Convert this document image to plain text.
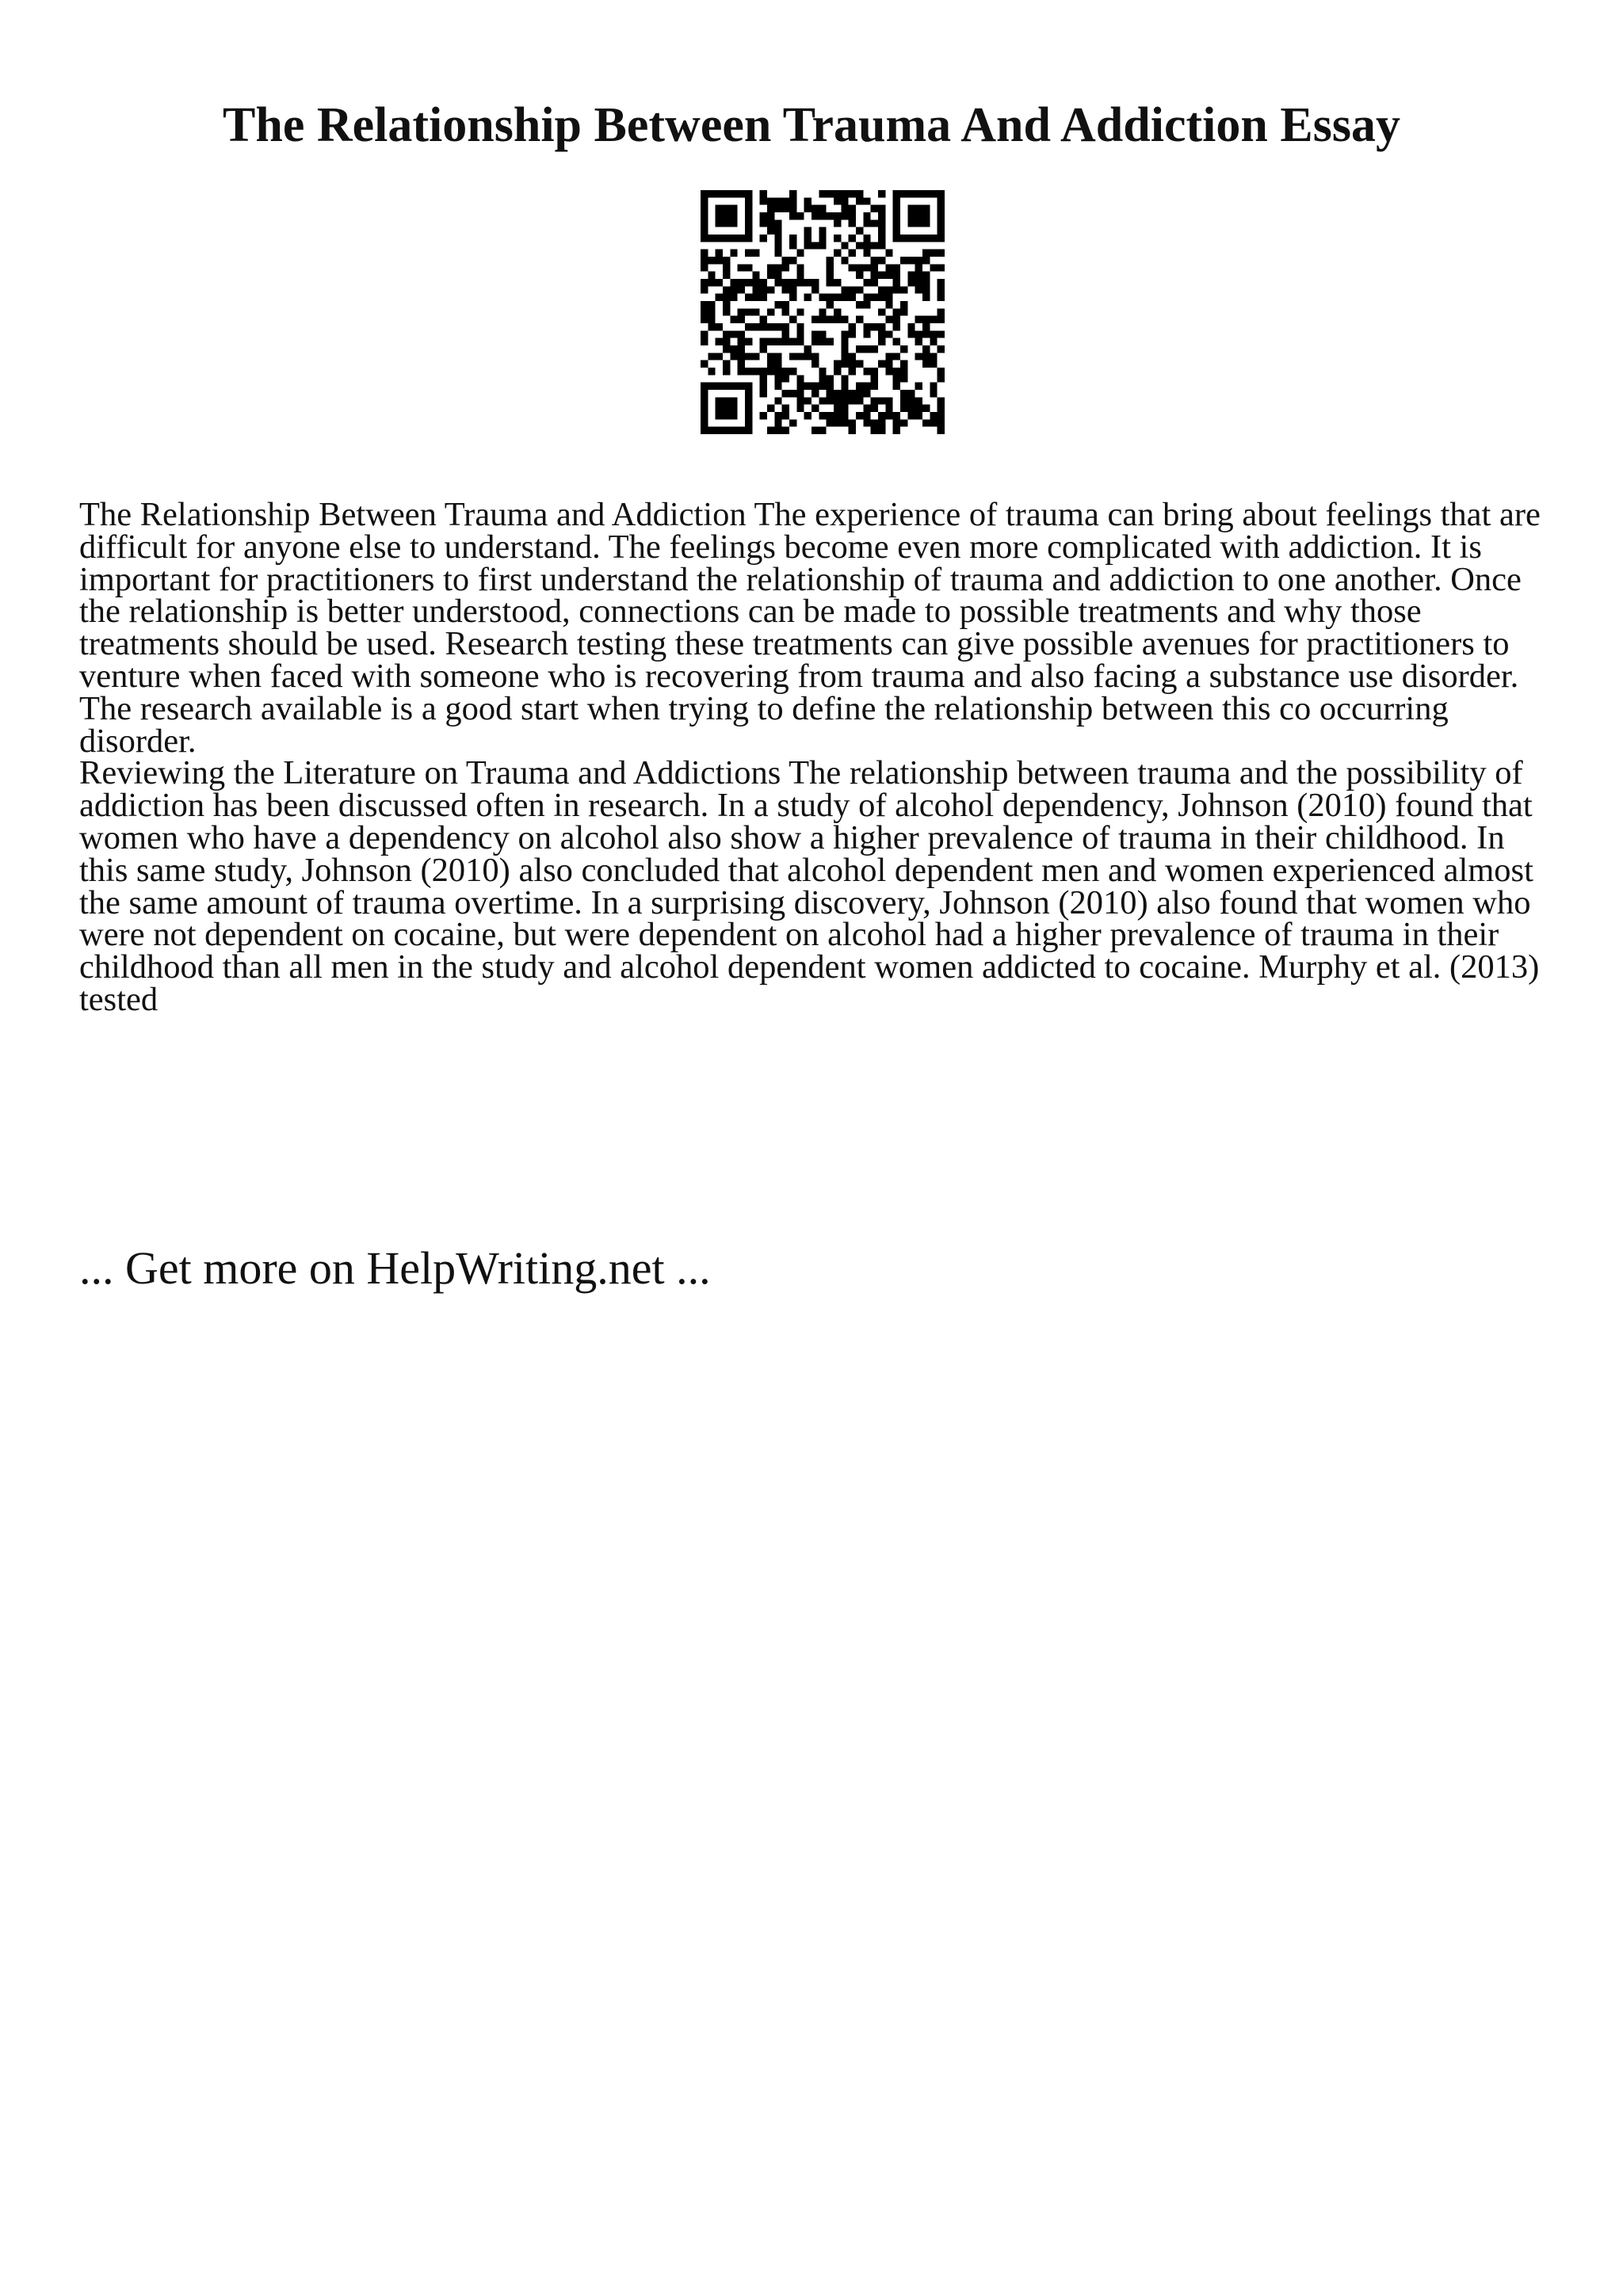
The Relationship Between Trauma And Addiction Essay

The Relationship Between Trauma and Addiction The experience of trauma can bring about feelings that are difficult for anyone else to understand. The feelings become even more complicated with addiction. It is important for practitioners to first understand the relationship of trauma and addiction to one another. Once the relationship is better understood, connections can be made to possible treatments and why those treatments should be used. Research testing these treatments can give possible avenues for practitioners to venture when faced with someone who is recovering from trauma and also facing a substance use disorder. The research available is a good start when trying to define the relationship between this co occurring disorder.

Reviewing the Literature on Trauma and Addictions The relationship between trauma and the possibility of addiction has been discussed often in research. In a study of alcohol dependency, Johnson (2010) found that women who have a dependency on alcohol also show a higher prevalence of trauma in their childhood. In this same study, Johnson (2010) also concluded that alcohol dependent men and women experienced almost the same amount of trauma overtime. In a surprising discovery, Johnson (2010) also found that women who were not dependent on cocaine, but were dependent on alcohol had a higher prevalence of trauma in their childhood than all men in the study and alcohol dependent women addicted to cocaine. Murphy et al. (2013) tested

... Get more on HelpWriting.net ...
